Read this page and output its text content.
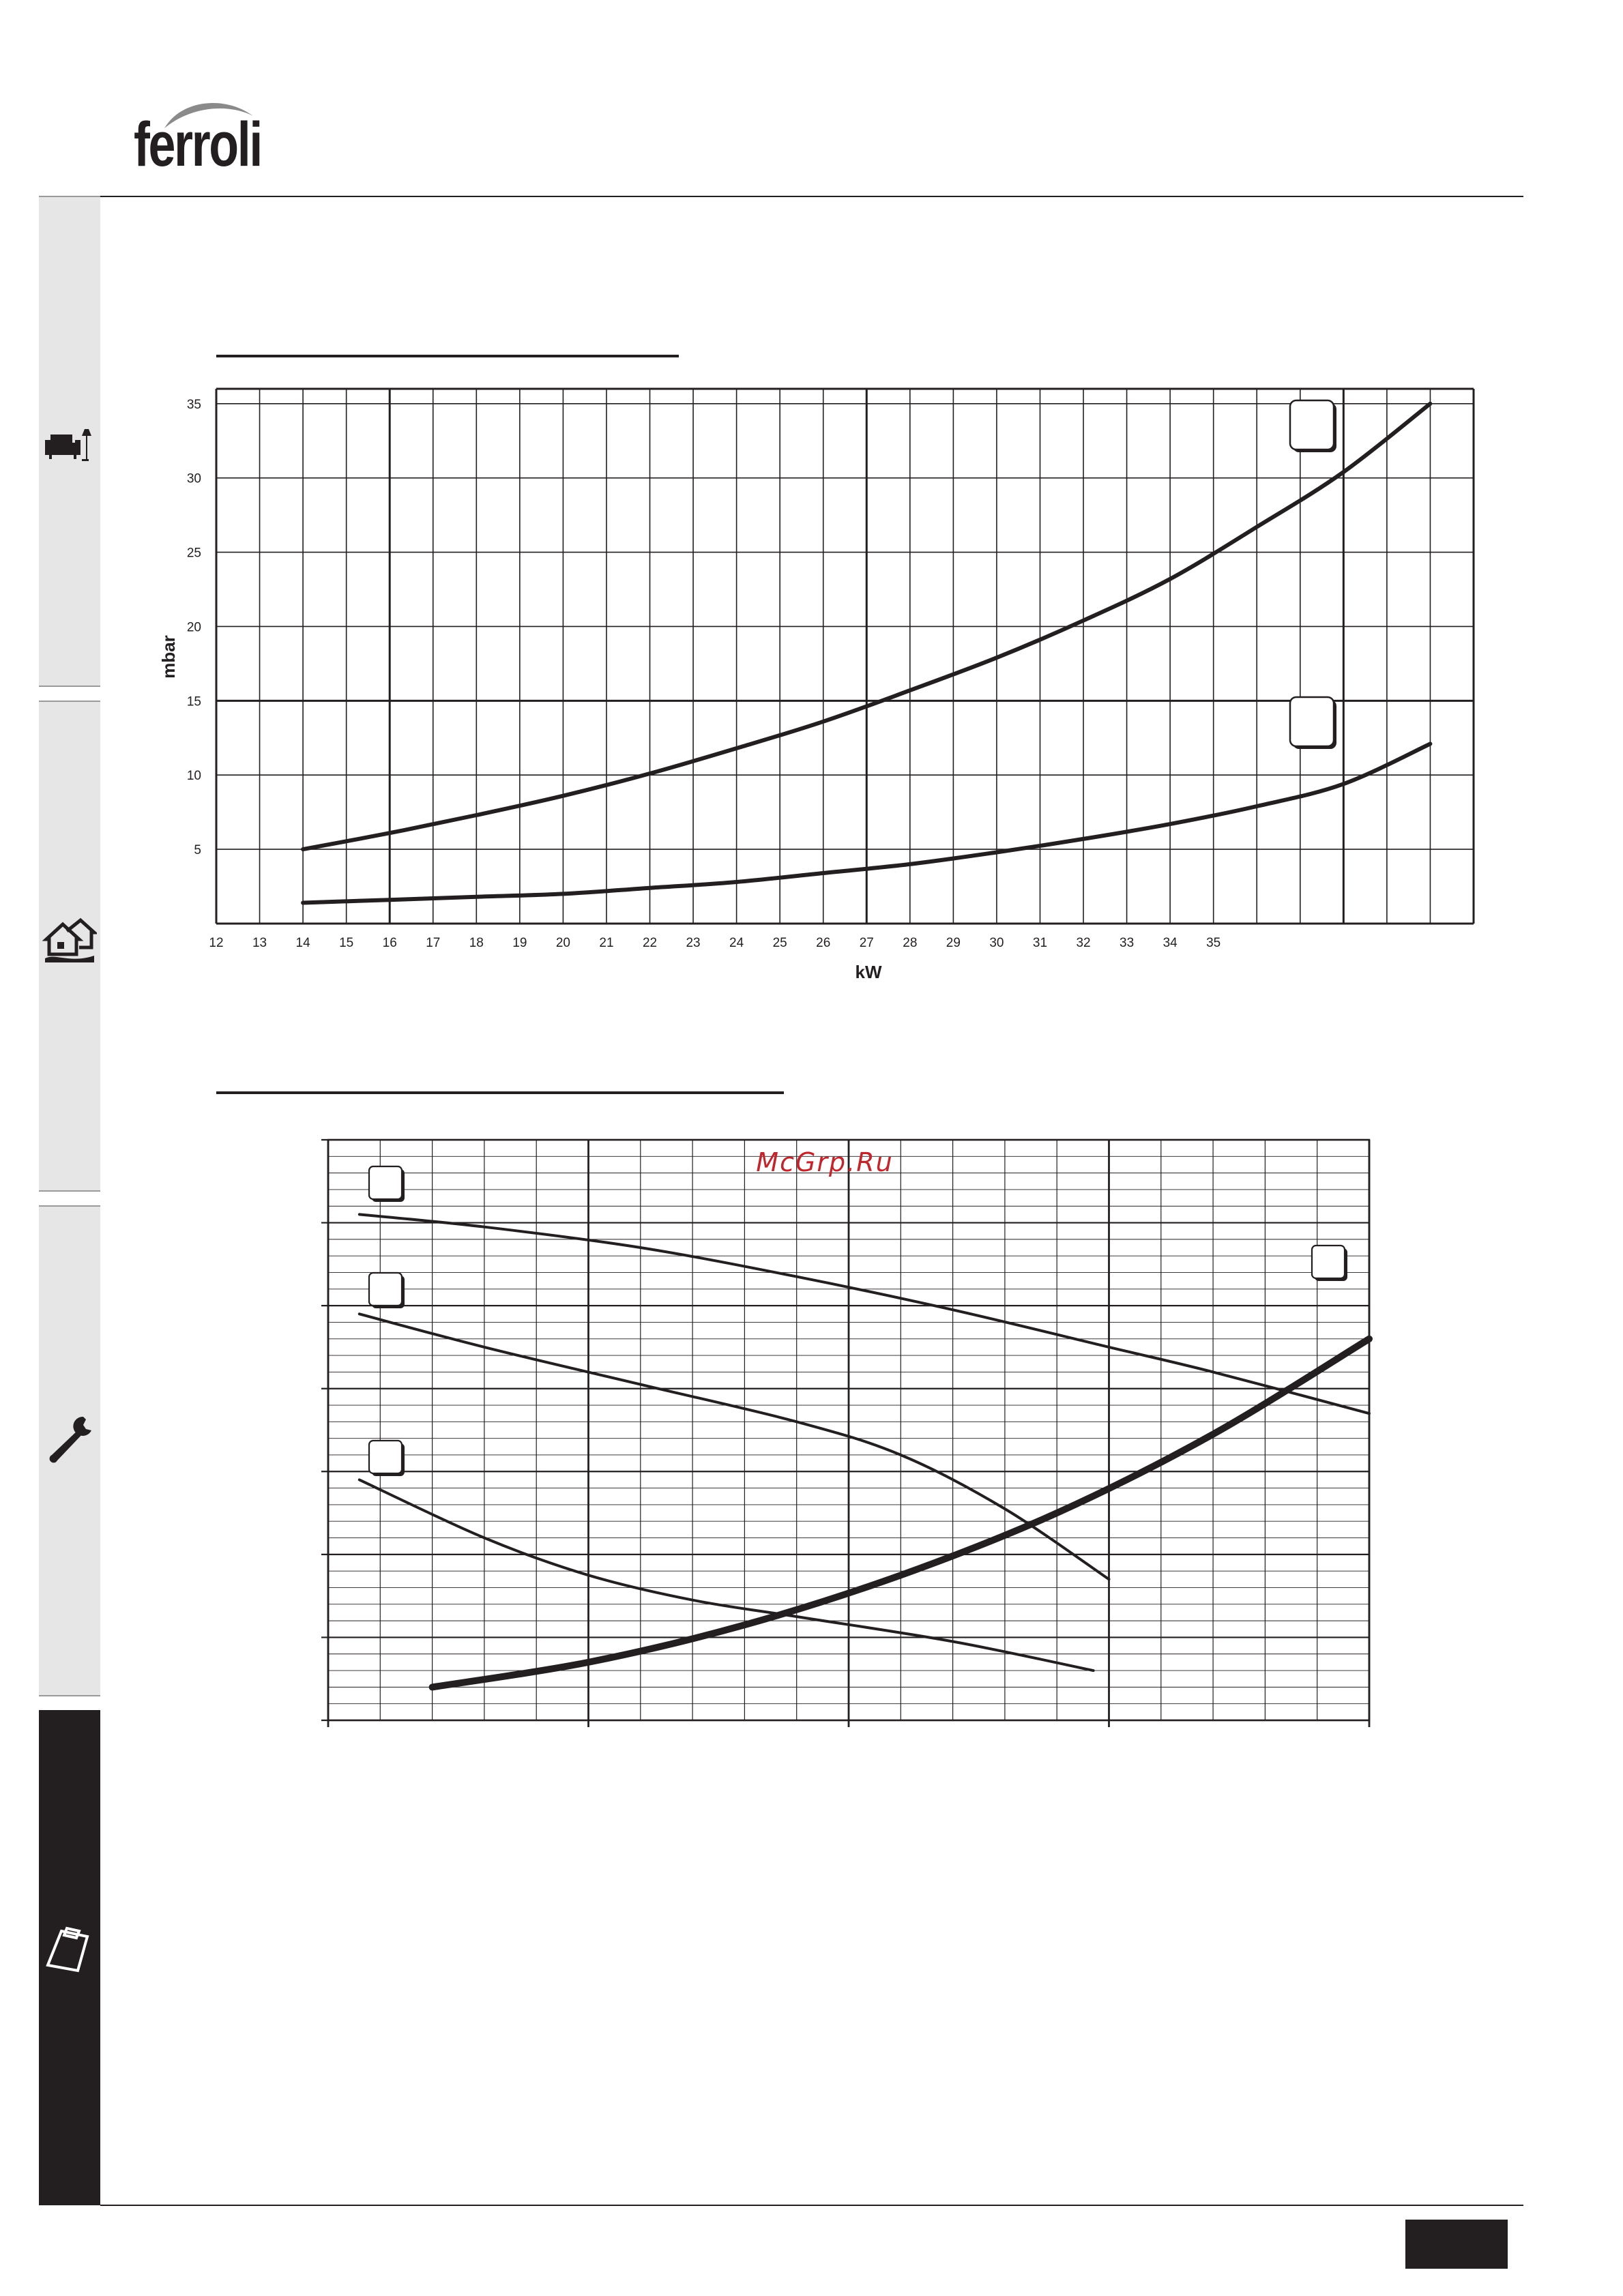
ferroli
12 13 14 15 16 17 18 19 20 21 22 23 24 25 26 27 28 29 30 31 32 33 34 35
5
10
15
20
25
30
35
kW
mbar
McGrp.Ru
